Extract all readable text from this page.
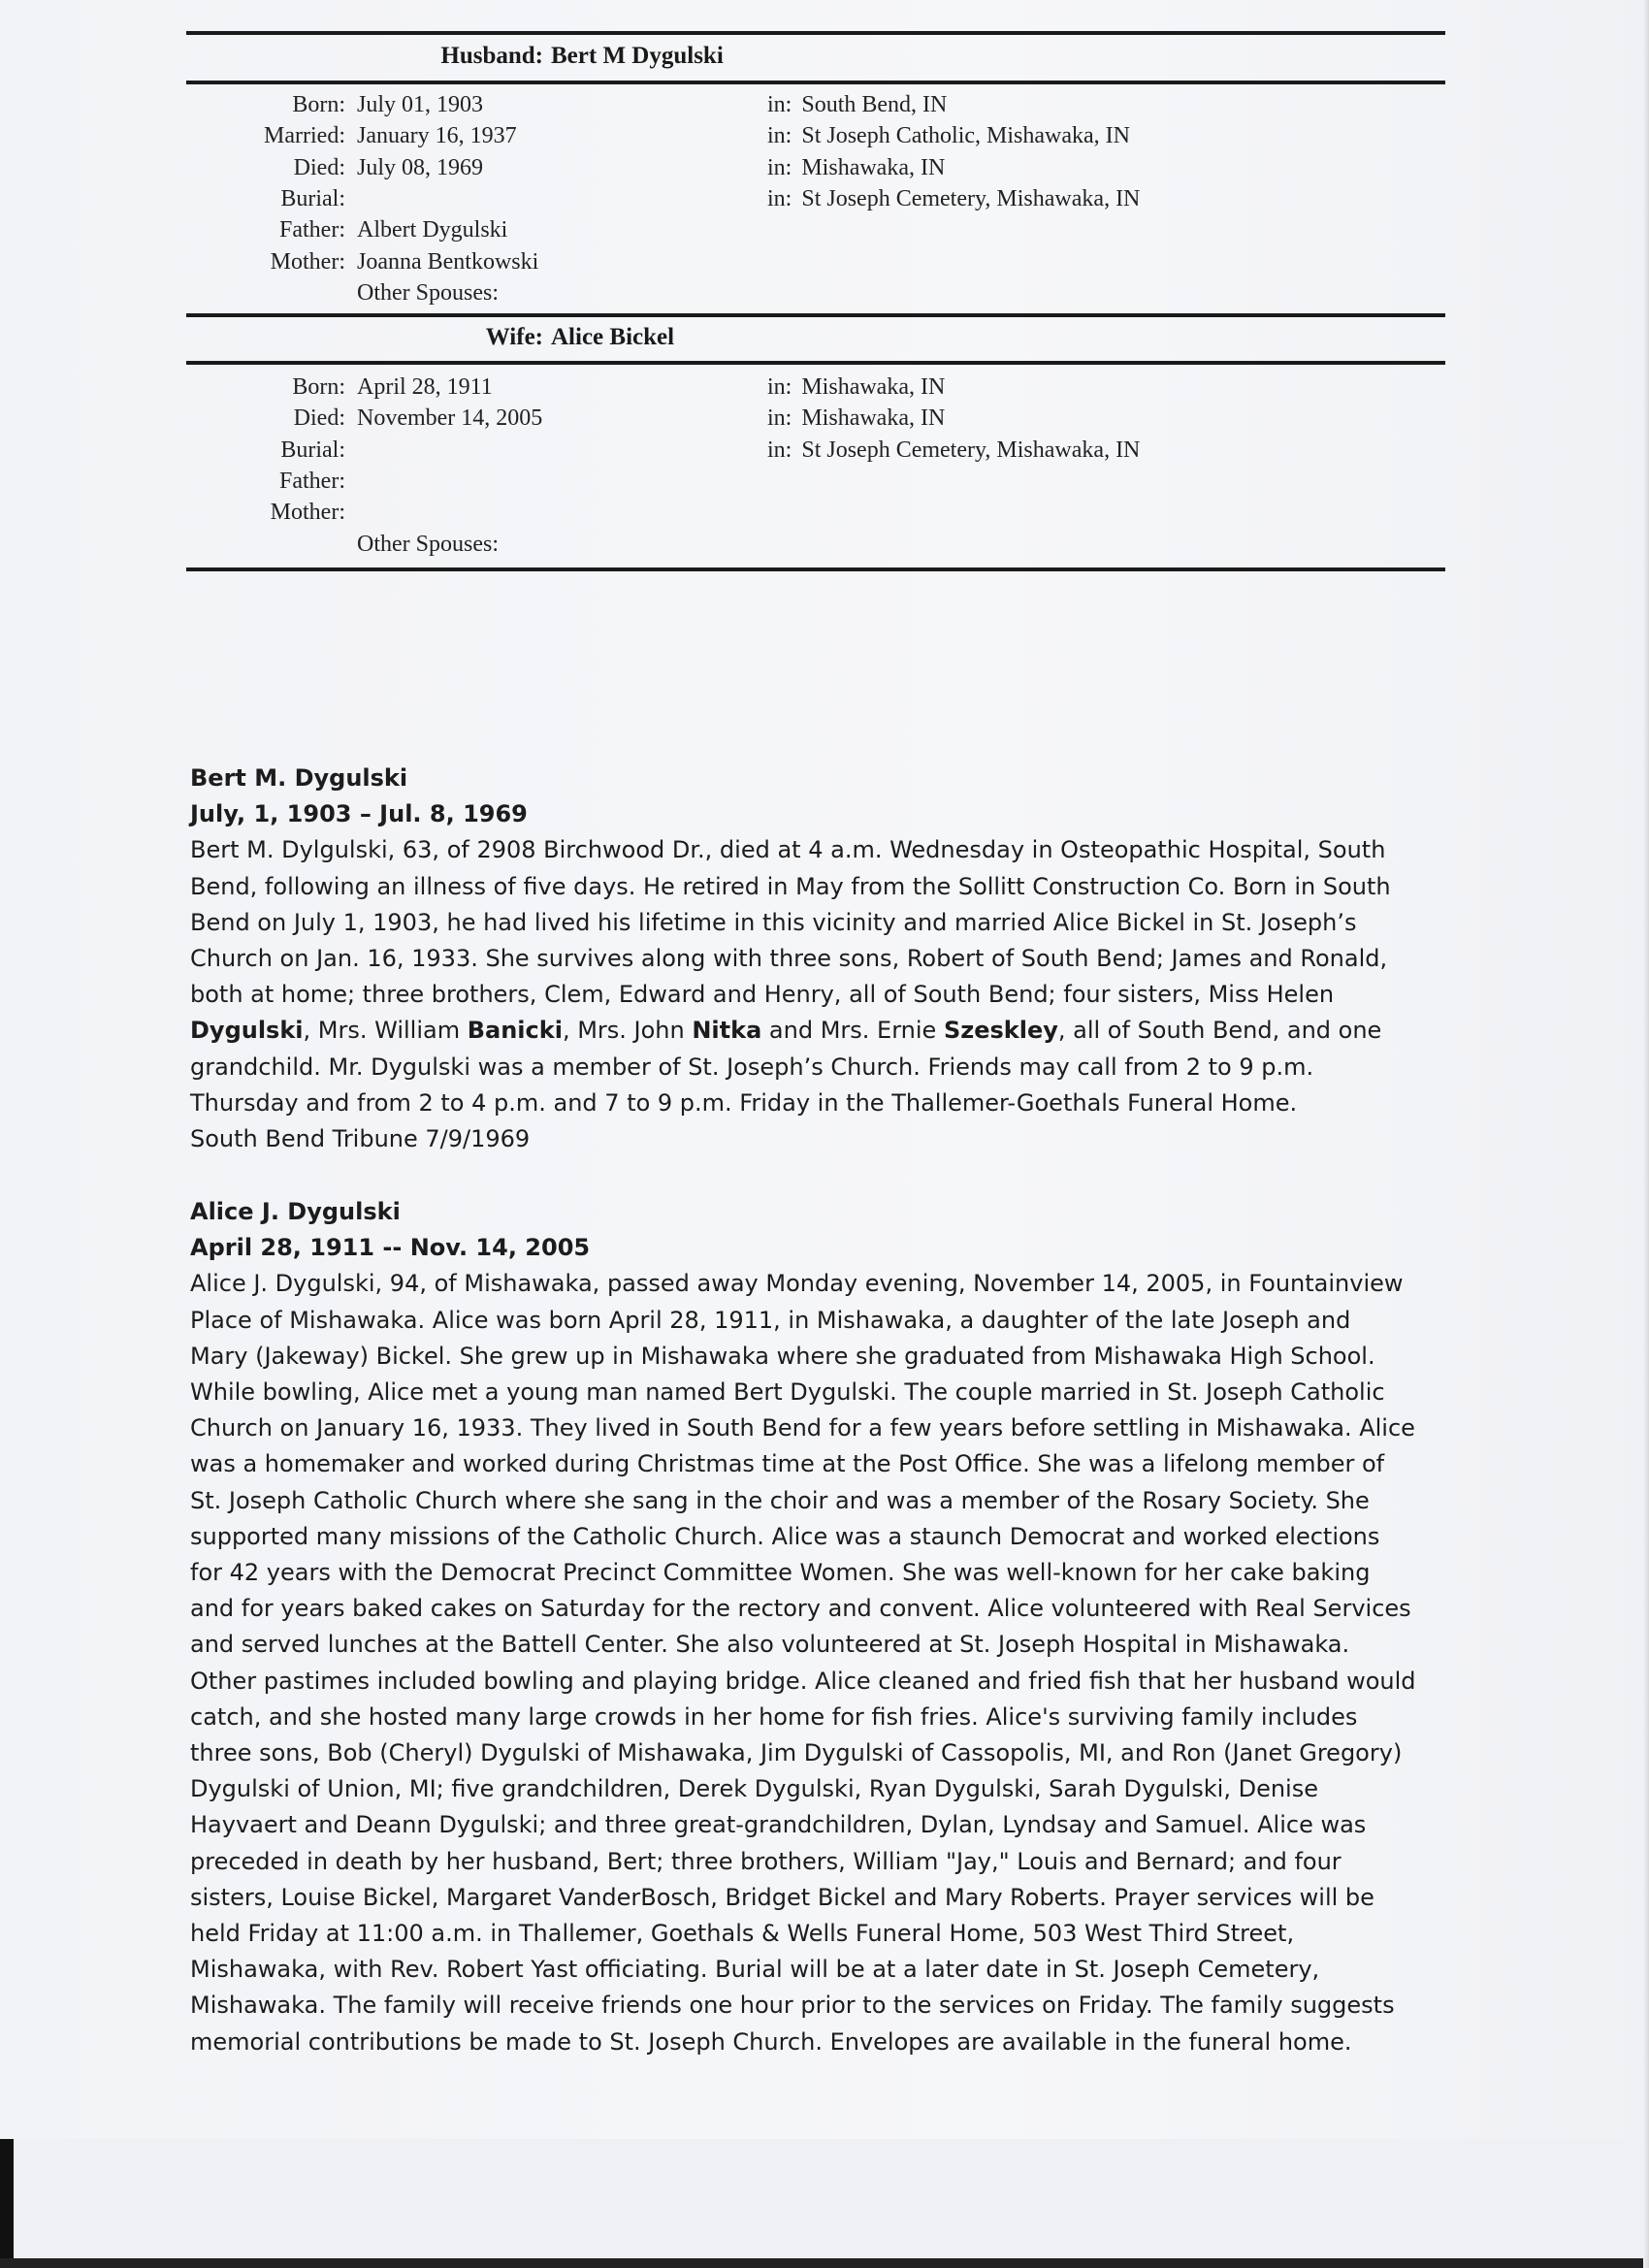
Husband: Bert M Dygulski
Born: July 01, 1903	in: South Bend, IN
Married: January 16, 1937	in: St Joseph Catholic, Mishawaka, IN
Died: July 08, 1969	in: Mishawaka, IN
Burial:	in: St Joseph Cemetery, Mishawaka, IN
Father: Albert Dygulski
Mother: Joanna Bentkowski
Other Spouses:
Wife: Alice Bickel
Born: April 28, 1911	in: Mishawaka, IN
Died: November 14, 2005	in: Mishawaka, IN
Burial:	in: St Joseph Cemetery, Mishawaka, IN
Father:
Mother:
Other Spouses:
Bert M. Dygulski
July, 1, 1903 – Jul. 8, 1969

Bert M. Dylgulski, 63, of 2908 Birchwood Dr., died at 4 a.m. Wednesday in Osteopathic Hospital, South

Bend, following an illness of five days. He retired in May from the Sollitt Construction Co. Born in South

Bend on July 1, 1903, he had lived his lifetime in this vicinity and married Alice Bickel in St. Joseph’s

Church on Jan. 16, 1933. She survives along with three sons, Robert of South Bend; James and Ronald,

both at home; three brothers, Clem, Edward and Henry, all of South Bend; four sisters, Miss Helen

Dygulski, Mrs. William Banicki, Mrs. John Nitka and Mrs. Ernie Szeskley, all of South Bend, and one

grandchild. Mr. Dygulski was a member of St. Joseph’s Church. Friends may call from 2 to 9 p.m.

Thursday and from 2 to 4 p.m. and 7 to 9 p.m. Friday in the Thallemer-Goethals Funeral Home.

South Bend Tribune 7/9/1969

Alice J. Dygulski
April 28, 1911 -- Nov. 14, 2005

Alice J. Dygulski, 94, of Mishawaka, passed away Monday evening, November 14, 2005, in Fountainview

Place of Mishawaka. Alice was born April 28, 1911, in Mishawaka, a daughter of the late Joseph and

Mary (Jakeway) Bickel. She grew up in Mishawaka where she graduated from Mishawaka High School.

While bowling, Alice met a young man named Bert Dygulski. The couple married in St. Joseph Catholic

Church on January 16, 1933. They lived in South Bend for a few years before settling in Mishawaka. Alice

was a homemaker and worked during Christmas time at the Post Office. She was a lifelong member of

St. Joseph Catholic Church where she sang in the choir and was a member of the Rosary Society. She

supported many missions of the Catholic Church. Alice was a staunch Democrat and worked elections

for 42 years with the Democrat Precinct Committee Women. She was well-known for her cake baking

and for years baked cakes on Saturday for the rectory and convent. Alice volunteered with Real Services

and served lunches at the Battell Center. She also volunteered at St. Joseph Hospital in Mishawaka.

Other pastimes included bowling and playing bridge. Alice cleaned and fried fish that her husband would

catch, and she hosted many large crowds in her home for fish fries. Alice's surviving family includes

three sons, Bob (Cheryl) Dygulski of Mishawaka, Jim Dygulski of Cassopolis, MI, and Ron (Janet Gregory)

Dygulski of Union, MI; five grandchildren, Derek Dygulski, Ryan Dygulski, Sarah Dygulski, Denise

Hayvaert and Deann Dygulski; and three great-grandchildren, Dylan, Lyndsay and Samuel. Alice was

preceded in death by her husband, Bert; three brothers, William "Jay," Louis and Bernard; and four

sisters, Louise Bickel, Margaret VanderBosch, Bridget Bickel and Mary Roberts. Prayer services will be

held Friday at 11:00 a.m. in Thallemer, Goethals & Wells Funeral Home, 503 West Third Street,

Mishawaka, with Rev. Robert Yast officiating. Burial will be at a later date in St. Joseph Cemetery,

Mishawaka. The family will receive friends one hour prior to the services on Friday. The family suggests

memorial contributions be made to St. Joseph Church. Envelopes are available in the funeral home.
